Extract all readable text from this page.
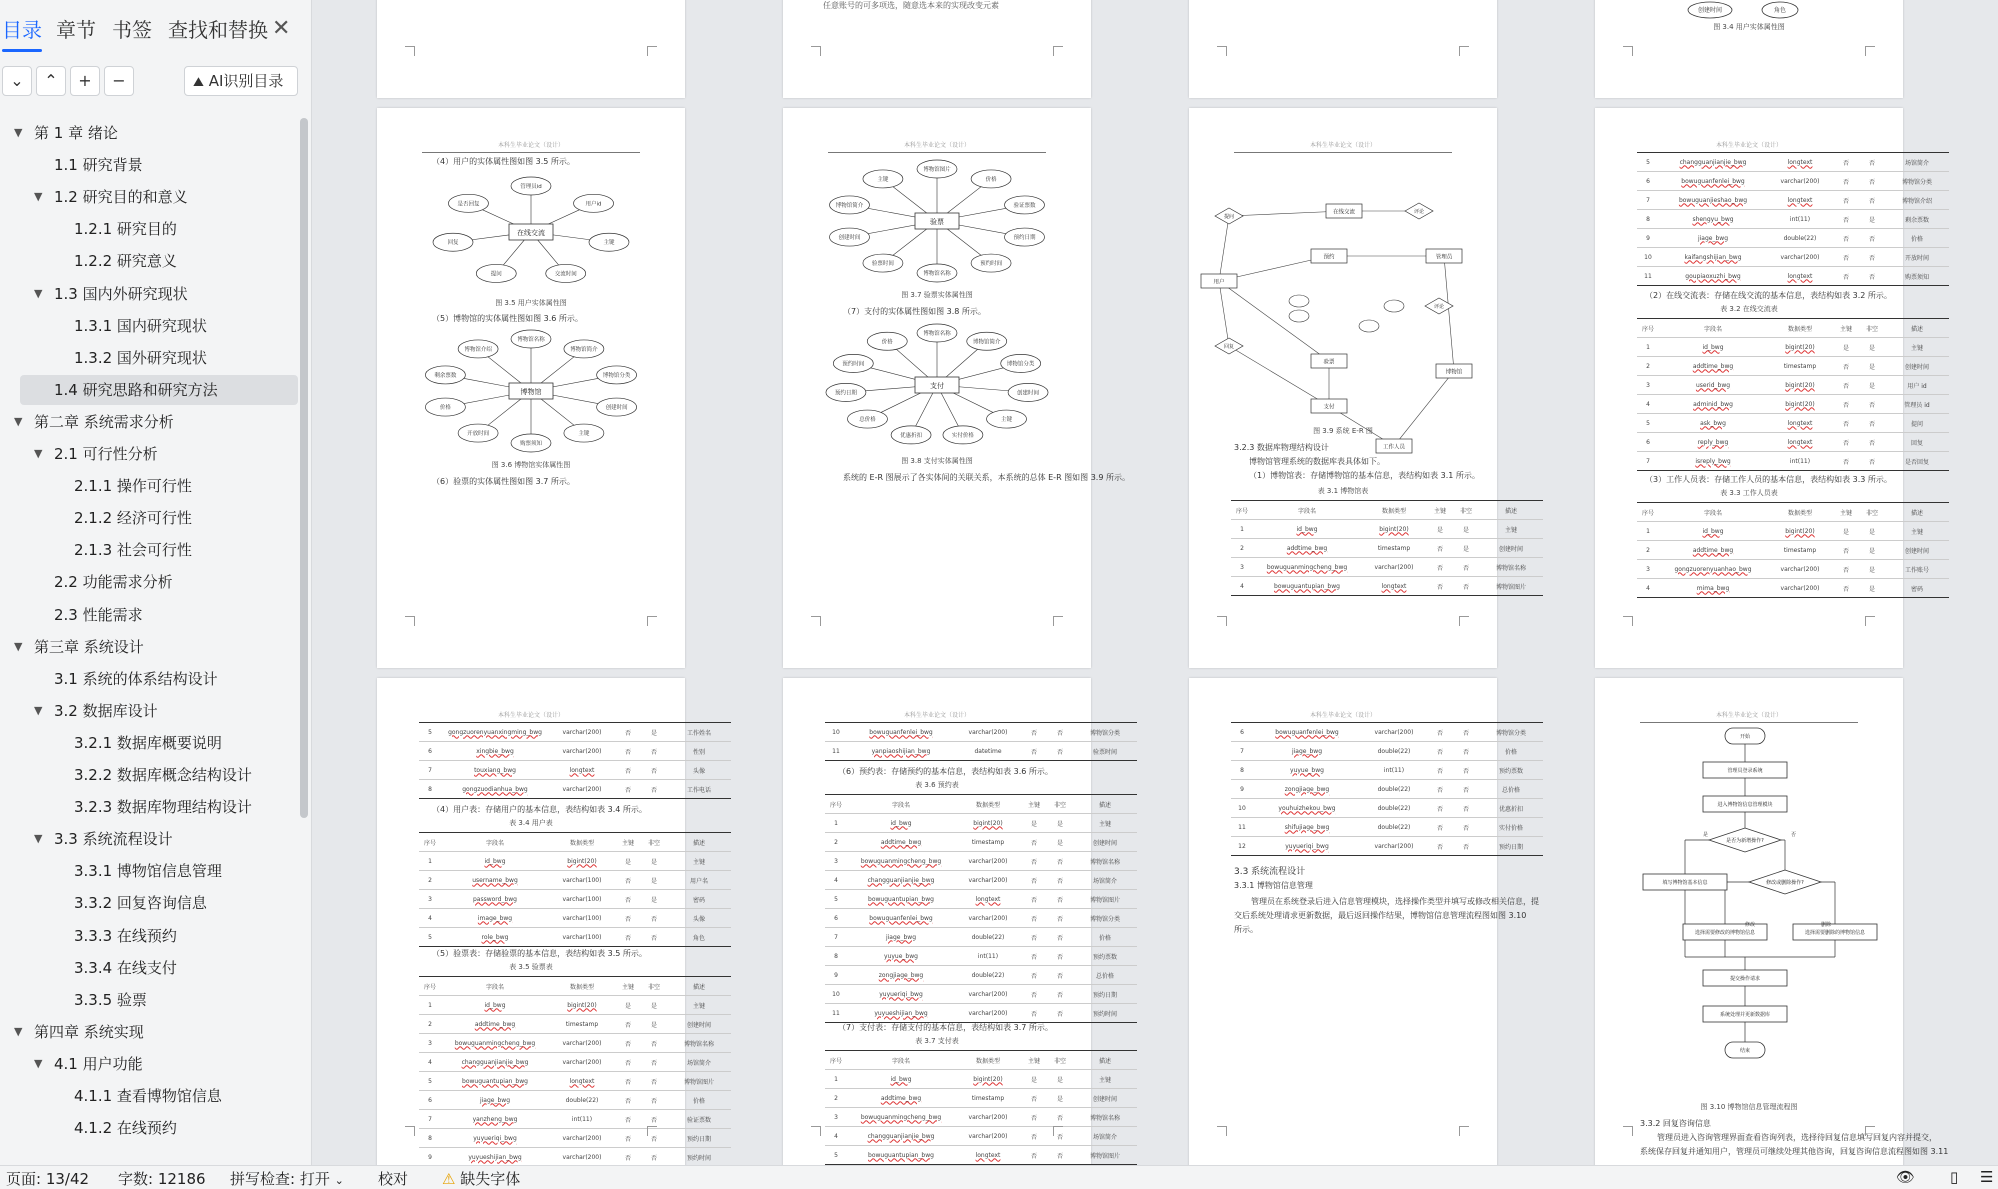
目录 章节 书签 查找和替换 ✕
⌄	⌃	+	−	⛰ AI识别目录
▼ 第 1 章 绪论
1.1 研究背景
▼ 1.2 研究目的和意义
1.2.1 研究目的
1.2.2 研究意义
▼ 1.3 国内外研究现状
1.3.1 国内研究现状
1.3.2 国外研究现状
1.4 研究思路和研究方法
▼ 第二章 系统需求分析
▼ 2.1 可行性分析
2.1.1 操作可行性
2.1.2 经济可行性
2.1.3 社会可行性
2.2 功能需求分析
2.3 性能需求
▼ 第三章 系统设计
3.1 系统的体系结构设计
▼ 3.2 数据库设计
3.2.1 数据库概要说明
3.2.2 数据库概念结构设计
3.2.3 数据库物理结构设计
▼ 3.3 系统流程设计
3.3.1 博物馆信息管理
3.3.2 回复咨询信息
3.3.3 在线预约
3.3.4 在线支付
3.3.5 验票
▼ 第四章 系统实现
▼ 4.1 用户功能
4.1.1 查看博物馆信息
4.1.2 在线预约
任意账号的可多项选，随意选本来的实现改变元素
创建时间	角色
图 3.4 用户实体属性图
本科生毕业论文（设计）
（4）用户的实体属性图如图 3.5 所示。
管理员id
用户id
主键
交流时间
提问
回复
是否回复
在线交流
图 3.5 用户实体属性图
（5）博物馆的实体属性图如图 3.6 所示。
博物馆名称
博物馆简介
博物馆分类
创建时间
主键
购票须知
开放时间
价格
剩余票数
博物馆介绍
博物馆
图 3.6 博物馆实体属性图
（6）验票的实体属性图如图 3.7 所示。
本科生毕业论文（设计）
博物馆图片
价格
验证票数
预约日期
预约时间
博物馆名称
验票时间
创建时间
博物馆简介
主键
验票
图 3.7 验票实体属性图
（7）支付的实体属性图如图 3.8 所示。
博物馆名称
博物馆简介
博物馆分类
创建时间
主键
实付价格
优惠折扣
总价格
预约日期
预约时间
价格
支付
图 3.8 支付实体属性图
系统的 E-R 图展示了各实体间的关联关系，本系统的总体 E-R 图如图 3.9 所示。
本科生毕业论文（设计）
用户
预约
验票
支付
管理员
工作人员
在线交流
博物馆
提问
回复
评论
评论
图 3.9 系统 E-R 图
3.2.3 数据库物理结构设计
博物馆管理系统的数据库表具体如下。
（1）博物馆表：存储博物馆的基本信息，表结构如表 3.1 所示。
表 3.1 博物馆表
序号	字段名	数据类型	主键	非空	描述
1	id_bwg	bigint(20)	是	是	主键
2	addtime_bwg	timestamp	否	是	创建时间
3	bowuguanmingcheng_bwg	varchar(200)	否	否	博物馆名称
4	bowuguantupian_bwg	longtext	否	否	博物馆图片
本科生毕业论文（设计）
5	changguanjianjie_bwg	longtext	否	否	场馆简介
6	bowuguanfenlei_bwg	varchar(200)	否	否	博物馆分类
7	bowuguanjieshao_bwg	longtext	否	否	博物馆介绍
8	shengyu_bwg	int(11)	否	是	剩余票数
9	jiage_bwg	double(22)	否	否	价格
10	kaifangshijian_bwg	varchar(200)	否	否	开放时间
11	goupiaoxuzhi_bwg	longtext	否	否	购票须知
（2）在线交流表：存储在线交流的基本信息，表结构如表 3.2 所示。
表 3.2 在线交流表
序号	字段名	数据类型	主键	非空	描述
1	id_bwg	bigint(20)	是	是	主键
2	addtime_bwg	timestamp	否	是	创建时间
3	userid_bwg	bigint(20)	否	是	用户 id
4	adminid_bwg	bigint(20)	否	否	管理员 id
5	ask_bwg	longtext	否	否	提问
6	reply_bwg	longtext	否	否	回复
7	isreply_bwg	int(11)	否	否	是否回复
（3）工作人员表：存储工作人员的基本信息，表结构如表 3.3 所示。
表 3.3 工作人员表
序号	字段名	数据类型	主键	非空	描述
1	id_bwg	bigint(20)	是	是	主键
2	addtime_bwg	timestamp	否	是	创建时间
3	gongzuorenyuanhao_bwg	varchar(200)	否	是	工作账号
4	mima_bwg	varchar(200)	否	是	密码
本科生毕业论文（设计）
5	gongzuorenyuanxingming_bwg	varchar(200)	否	是	工作姓名
6	xingbie_bwg	varchar(200)	否	否	性别
7	touxiang_bwg	longtext	否	否	头像
8	gongzuodianhua_bwg	varchar(200)	否	否	工作电话
（4）用户表：存储用户的基本信息，表结构如表 3.4 所示。
表 3.4 用户表
序号	字段名	数据类型	主键	非空	描述
1	id_bwg	bigint(20)	是	是	主键
2	username_bwg	varchar(100)	否	是	用户名
3	password_bwg	varchar(100)	否	是	密码
4	image_bwg	varchar(100)	否	否	头像
5	role_bwg	varchar(100)	否	否	角色
（5）验票表：存储验票的基本信息，表结构如表 3.5 所示。
表 3.5 验票表
序号	字段名	数据类型	主键	非空	描述
1	id_bwg	bigint(20)	是	是	主键
2	addtime_bwg	timestamp	否	是	创建时间
3	bowuguanmingcheng_bwg	varchar(200)	否	否	博物馆名称
4	changguanjianjie_bwg	varchar(200)	否	否	场馆简介
5	bowuguantupian_bwg	longtext	否	否	博物馆图片
6	jiage_bwg	double(22)	否	否	价格
7	yanzheng_bwg	int(11)	否	否	验证票数
8	yuyueriqi_bwg	varchar(200)	否	否	预约日期
9	yuyueshijian_bwg	varchar(200)	否	否	预约时间
本科生毕业论文（设计）
10	bowuguanfenlei_bwg	varchar(200)	否	否	博物馆分类
11	yanpiaoshijian_bwg	datetime	否	否	验票时间
（6）预约表：存储预约的基本信息，表结构如表 3.6 所示。
表 3.6 预约表
序号	字段名	数据类型	主键	非空	描述
1	id_bwg	bigint(20)	是	是	主键
2	addtime_bwg	timestamp	否	是	创建时间
3	bowuguanmingcheng_bwg	varchar(200)	否	否	博物馆名称
4	changguanjianjie_bwg	varchar(200)	否	否	场馆简介
5	bowuguantupian_bwg	longtext	否	否	博物馆图片
6	bowuguanfenlei_bwg	varchar(200)	否	否	博物馆分类
7	jiage_bwg	double(22)	否	否	价格
8	yuyue_bwg	int(11)	否	否	预约票数
9	zongjiage_bwg	double(22)	否	否	总价格
10	yuyueriqi_bwg	varchar(200)	否	否	预约日期
11	yuyueshijian_bwg	varchar(200)	否	否	预约时间
（7）支付表：存储支付的基本信息，表结构如表 3.7 所示。
表 3.7 支付表
序号	字段名	数据类型	主键	非空	描述
1	id_bwg	bigint(20)	是	是	主键
2	addtime_bwg	timestamp	否	是	创建时间
3	bowuguanmingcheng_bwg	varchar(200)	否	否	博物馆名称
4	changguanjianjie_bwg	varchar(200)	否	否	场馆简介
5	bowuguantupian_bwg	longtext	否	否	博物馆图片
本科生毕业论文（设计）
6	bowuguanfenlei_bwg	varchar(200)	否	否	博物馆分类
7	jiage_bwg	double(22)	否	否	价格
8	yuyue_bwg	int(11)	否	否	预约票数
9	zongjiage_bwg	double(22)	否	否	总价格
10	youhuizhekou_bwg	double(22)	否	否	优惠折扣
11	shifujiage_bwg	double(22)	否	否	实付价格
12	yuyueriqi_bwg	varchar(200)	否	否	预约日期
3.3 系统流程设计
3.3.1 博物馆信息管理
管理员在系统登录后进入信息管理模块，选择操作类型并填写或修改相关信息，提
交后系统处理请求更新数据，最后返回操作结果，博物馆信息管理流程图如图 3.10
所示。
本科生毕业论文（设计）
开始
管理员登录系统
进入博物馆信息管理模块
是否为新增操作?
填写博物馆基本信息	修改或删除操作?
选择需要修改的博物馆信息	选择需要删除的博物馆信息
提交操作请求
系统处理并更新数据库
结束
是	否
修改	删除
图 3.10 博物馆信息管理流程图
3.3.2 回复咨询信息
管理员进入咨询管理界面查看咨询列表，选择待回复信息填写回复内容并提交，
系统保存回复并通知用户，管理员可继续处理其他咨询，回复咨询信息流程图如图 3.11
页面: 13/42 字数: 12186 拼写检查: 打开 ⌄ 校对 ⚠ 缺失字体	👁 ▯ ☰
